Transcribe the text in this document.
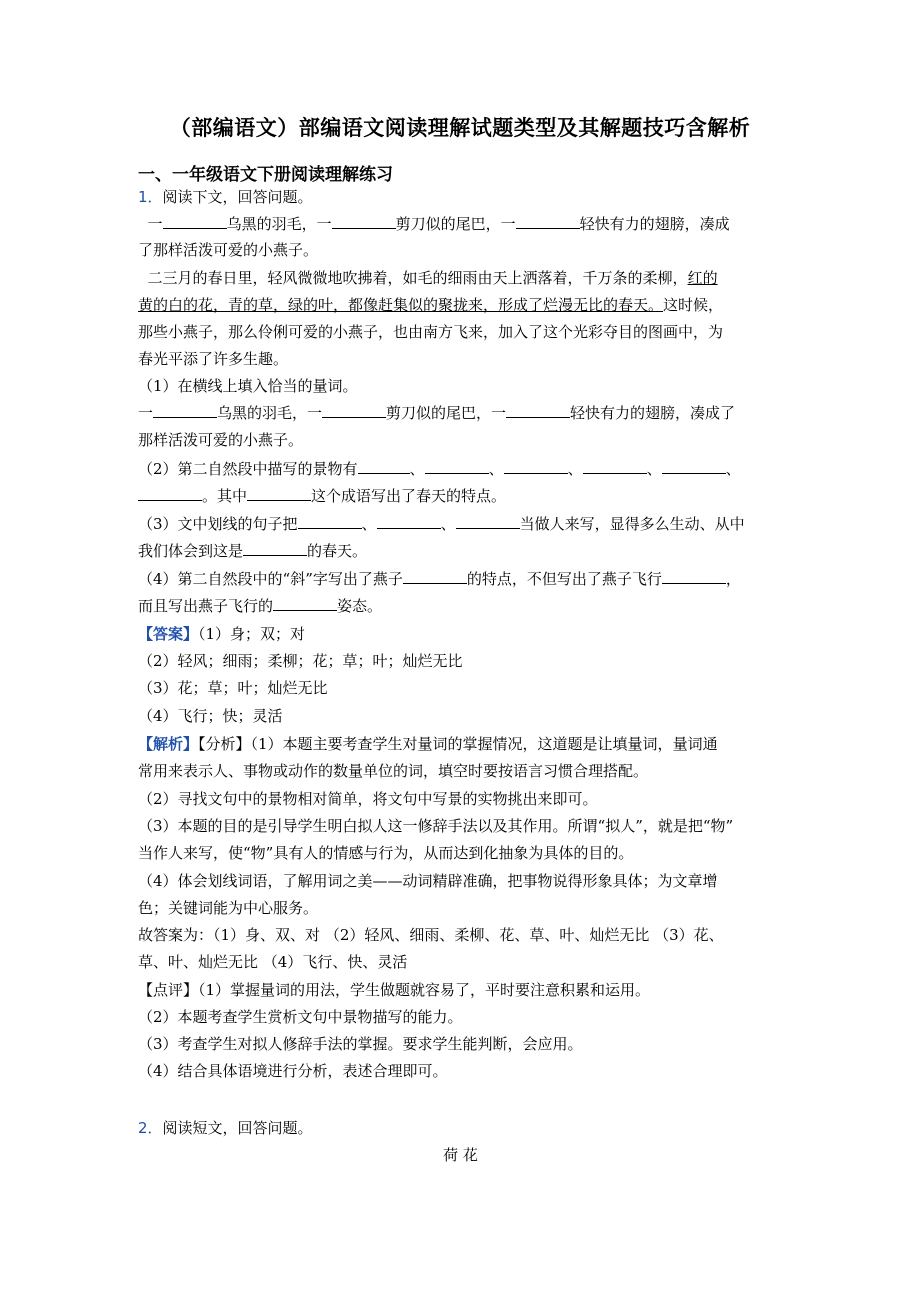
（部编语文）部编语文阅读理解试题类型及其解题技巧含解析
一、一年级语文下册阅读理解练习
1．阅读下文，回答问题。
一	乌黑的羽毛，一	剪刀似的尾巴，一	轻快有力的翅膀，凑成
了那样活泼可爱的小燕子。
二三月的春日里，轻风微微地吹拂着，如毛的细雨由天上洒落着，千万条的柔柳，红的
黄的白的花，青的草，绿的叶，都像赶集似的聚拢来，形成了烂漫无比的春天。这时候，
那些小燕子，那么伶俐可爱的小燕子，也由南方飞来，加入了这个光彩夺目的图画中，为
春光平添了许多生趣。
（1）在横线上填入恰当的量词。
一	乌黑的羽毛，一	剪刀似的尾巴，一	轻快有力的翅膀，凑成了
那样活泼可爱的小燕子。
（2）第二自然段中描写的景物有	、	、	、	、	、
。其中	这个成语写出了春天的特点。
（3）文中划线的句子把	、	、	当做人来写，显得多么生动、从中
我们体会到这是	的春天。
（4）第二自然段中的“斜”字写出了燕子	的特点，不但写出了燕子飞行	，
而且写出燕子飞行的	姿态。
【答案】（1）身；双；对
（2）轻风；细雨；柔柳；花；草；叶；灿烂无比
（3）花；草；叶；灿烂无比
（4）飞行；快；灵活
【解析】【分析】（1）本题主要考查学生对量词的掌握情况，这道题是让填量词，量词通
常用来表示人、事物或动作的数量单位的词，填空时要按语言习惯合理搭配。
（2）寻找文句中的景物相对简单，将文句中写景的实物挑出来即可。
（3）本题的目的是引导学生明白拟人这一修辞手法以及其作用。所谓“拟人”，就是把“物”
当作人来写，使“物”具有人的情感与行为，从而达到化抽象为具体的目的。
（4）体会划线词语，了解用词之美——动词精辟准确，把事物说得形象具体；为文章增
色；关键词能为中心服务。
故答案为：（1）身、双、对 （2）轻风、细雨、柔柳、花、草、叶、灿烂无比 （3）花、
草、叶、灿烂无比 （4）飞行、快、灵活
【点评】（1）掌握量词的用法，学生做题就容易了，平时要注意积累和运用。
（2）本题考查学生赏析文句中景物描写的能力。
（3）考查学生对拟人修辞手法的掌握。要求学生能判断，会应用。
（4）结合具体语境进行分析，表述合理即可。
2．阅读短文，回答问题。
荷 花
